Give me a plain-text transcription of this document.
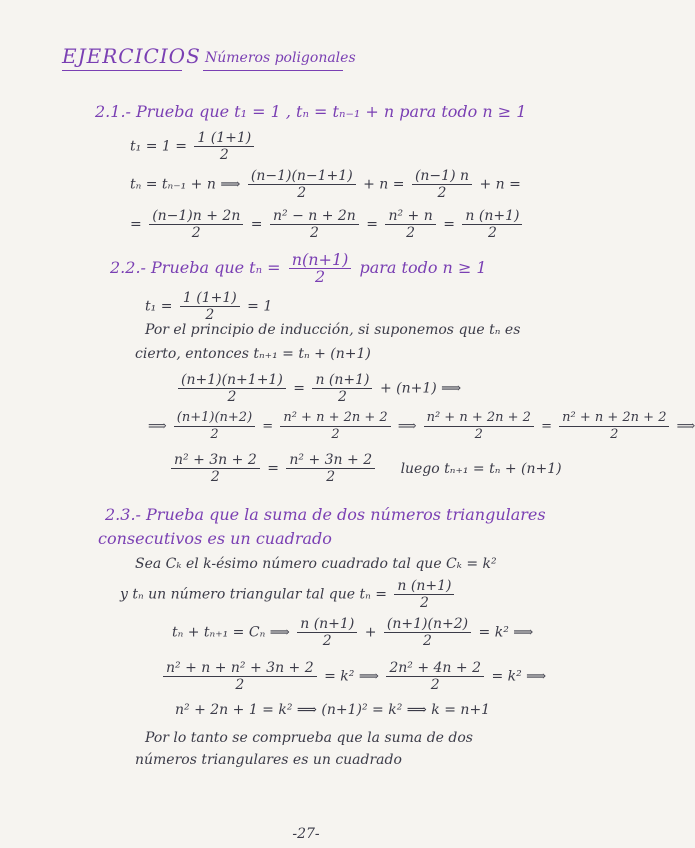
EJERCICIOS Números poligonales
2.1.- Prueba que t₁ = 1 , tₙ = tₙ₋₁ + n para todo n ≥ 1
$t_1 = 1 = \frac{1 (1+1)}{2}$
tₙ = tₙ₋₁ + n ⟹ $\frac{(n-1)(n-1+1)}{2} + n = \frac{(n-1) n}{2} + n$ =
= $\frac{(n-1)n + 2n}{2} = \frac{\text{n² − n + 2n}}{2} = \frac{\text{n² + n}}{2} = \frac{n (n+1)}{2}$
2.2.- Prueba que $t_n = \frac{n(n+1)}{2}$ para todo n ≥ 1
$t_1 = \frac{1 (1+1)}{2} = 1$
Por el principio de inducción, si suponemos que tₙ es
cierto, entonces tₙ₊₁ = tₙ + (n+1)
$\frac{(n+1)(n+1+1)}{2} = \frac{n (n+1)}{2} + (n+1)$ ⟹
⟹ $\frac{(n+1)(n+2)}{2} = \frac{\text{n² + n + 2n + 2}}{2}$ ⟹ $\frac{\text{n² + n + 2n + 2}}{2} = \frac{\text{n² + n + 2n + 2}}{2}$ ⟹
$\frac{\text{n² + 3n + 2}}{2} = \frac{\text{n² + 3n + 2}}{2}$ luego tₙ₊₁ = tₙ + (n+1)
2.3.- Prueba que la suma de dos números triangulares
consecutivos es un cuadrado
Sea Cₖ el k-ésimo número cuadrado tal que Cₖ = k²
y tₙ un número triangular tal que $t_n = \frac{n (n+1)}{2}$
tₙ + tₙ₊₁ = Cₙ ⟹ $\frac{n (n+1)}{2} + \frac{(n+1)(n+2)}{2} = k^2$ ⟹
$\frac{\text{n² + n + n² + 3n + 2}}{2} = k^2$ ⟹ $\frac{\text{2n² + 4n + 2}}{2} = k^2$ ⟹
n² + 2n + 1 = k² ⟹ (n+1)² = k² ⟹ k = n+1
Por lo tanto se comprueba que la suma de dos
números triangulares es un cuadrado
-27-
